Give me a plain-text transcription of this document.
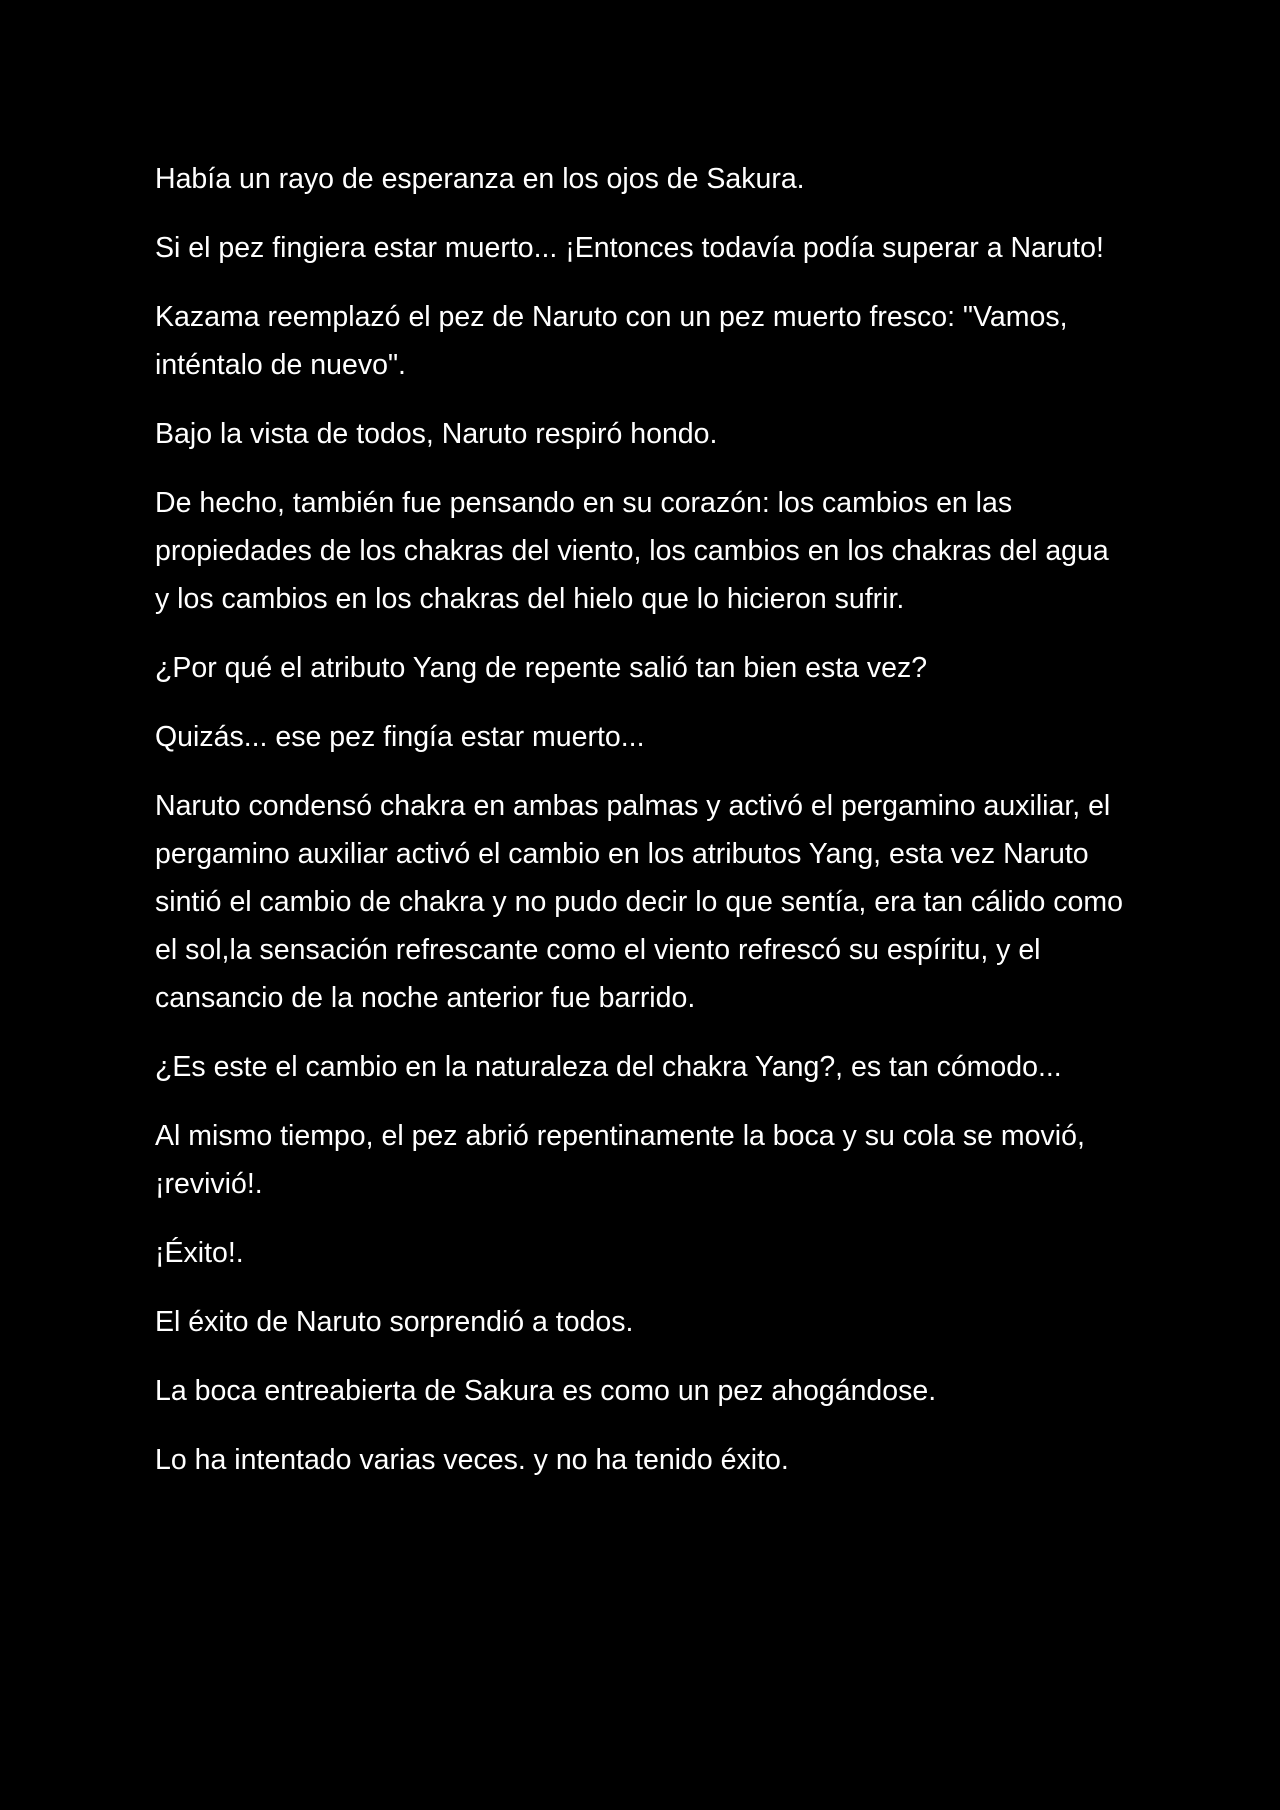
Había un rayo de esperanza en los ojos de Sakura.

Si el pez fingiera estar muerto... ¡Entonces todavía podía superar a Naruto!

Kazama reemplazó el pez de Naruto con un pez muerto fresco: "Vamos, inténtalo de nuevo".

Bajo la vista de todos, Naruto respiró hondo.

De hecho, también fue pensando en su corazón: los cambios en las propiedades de los chakras del viento, los cambios en los chakras del agua y los cambios en los chakras del hielo que lo hicieron sufrir.

¿Por qué el atributo Yang de repente salió tan bien esta vez?

Quizás... ese pez fingía estar muerto...

Naruto condensó chakra en ambas palmas y activó el pergamino auxiliar, el pergamino auxiliar activó el cambio en los atributos Yang, esta vez Naruto sintió el cambio de chakra y no pudo decir lo que sentía, era tan cálido como el sol,la sensación refrescante como el viento refrescó su espíritu, y el cansancio de la noche anterior fue barrido.

¿Es este el cambio en la naturaleza del chakra Yang?, es tan cómodo...

Al mismo tiempo, el pez abrió repentinamente la boca y su cola se movió, ¡revivió!.

¡Éxito!.

El éxito de Naruto sorprendió a todos.

La boca entreabierta de Sakura es como un pez ahogándose.

Lo ha intentado varias veces. y no ha tenido éxito.
